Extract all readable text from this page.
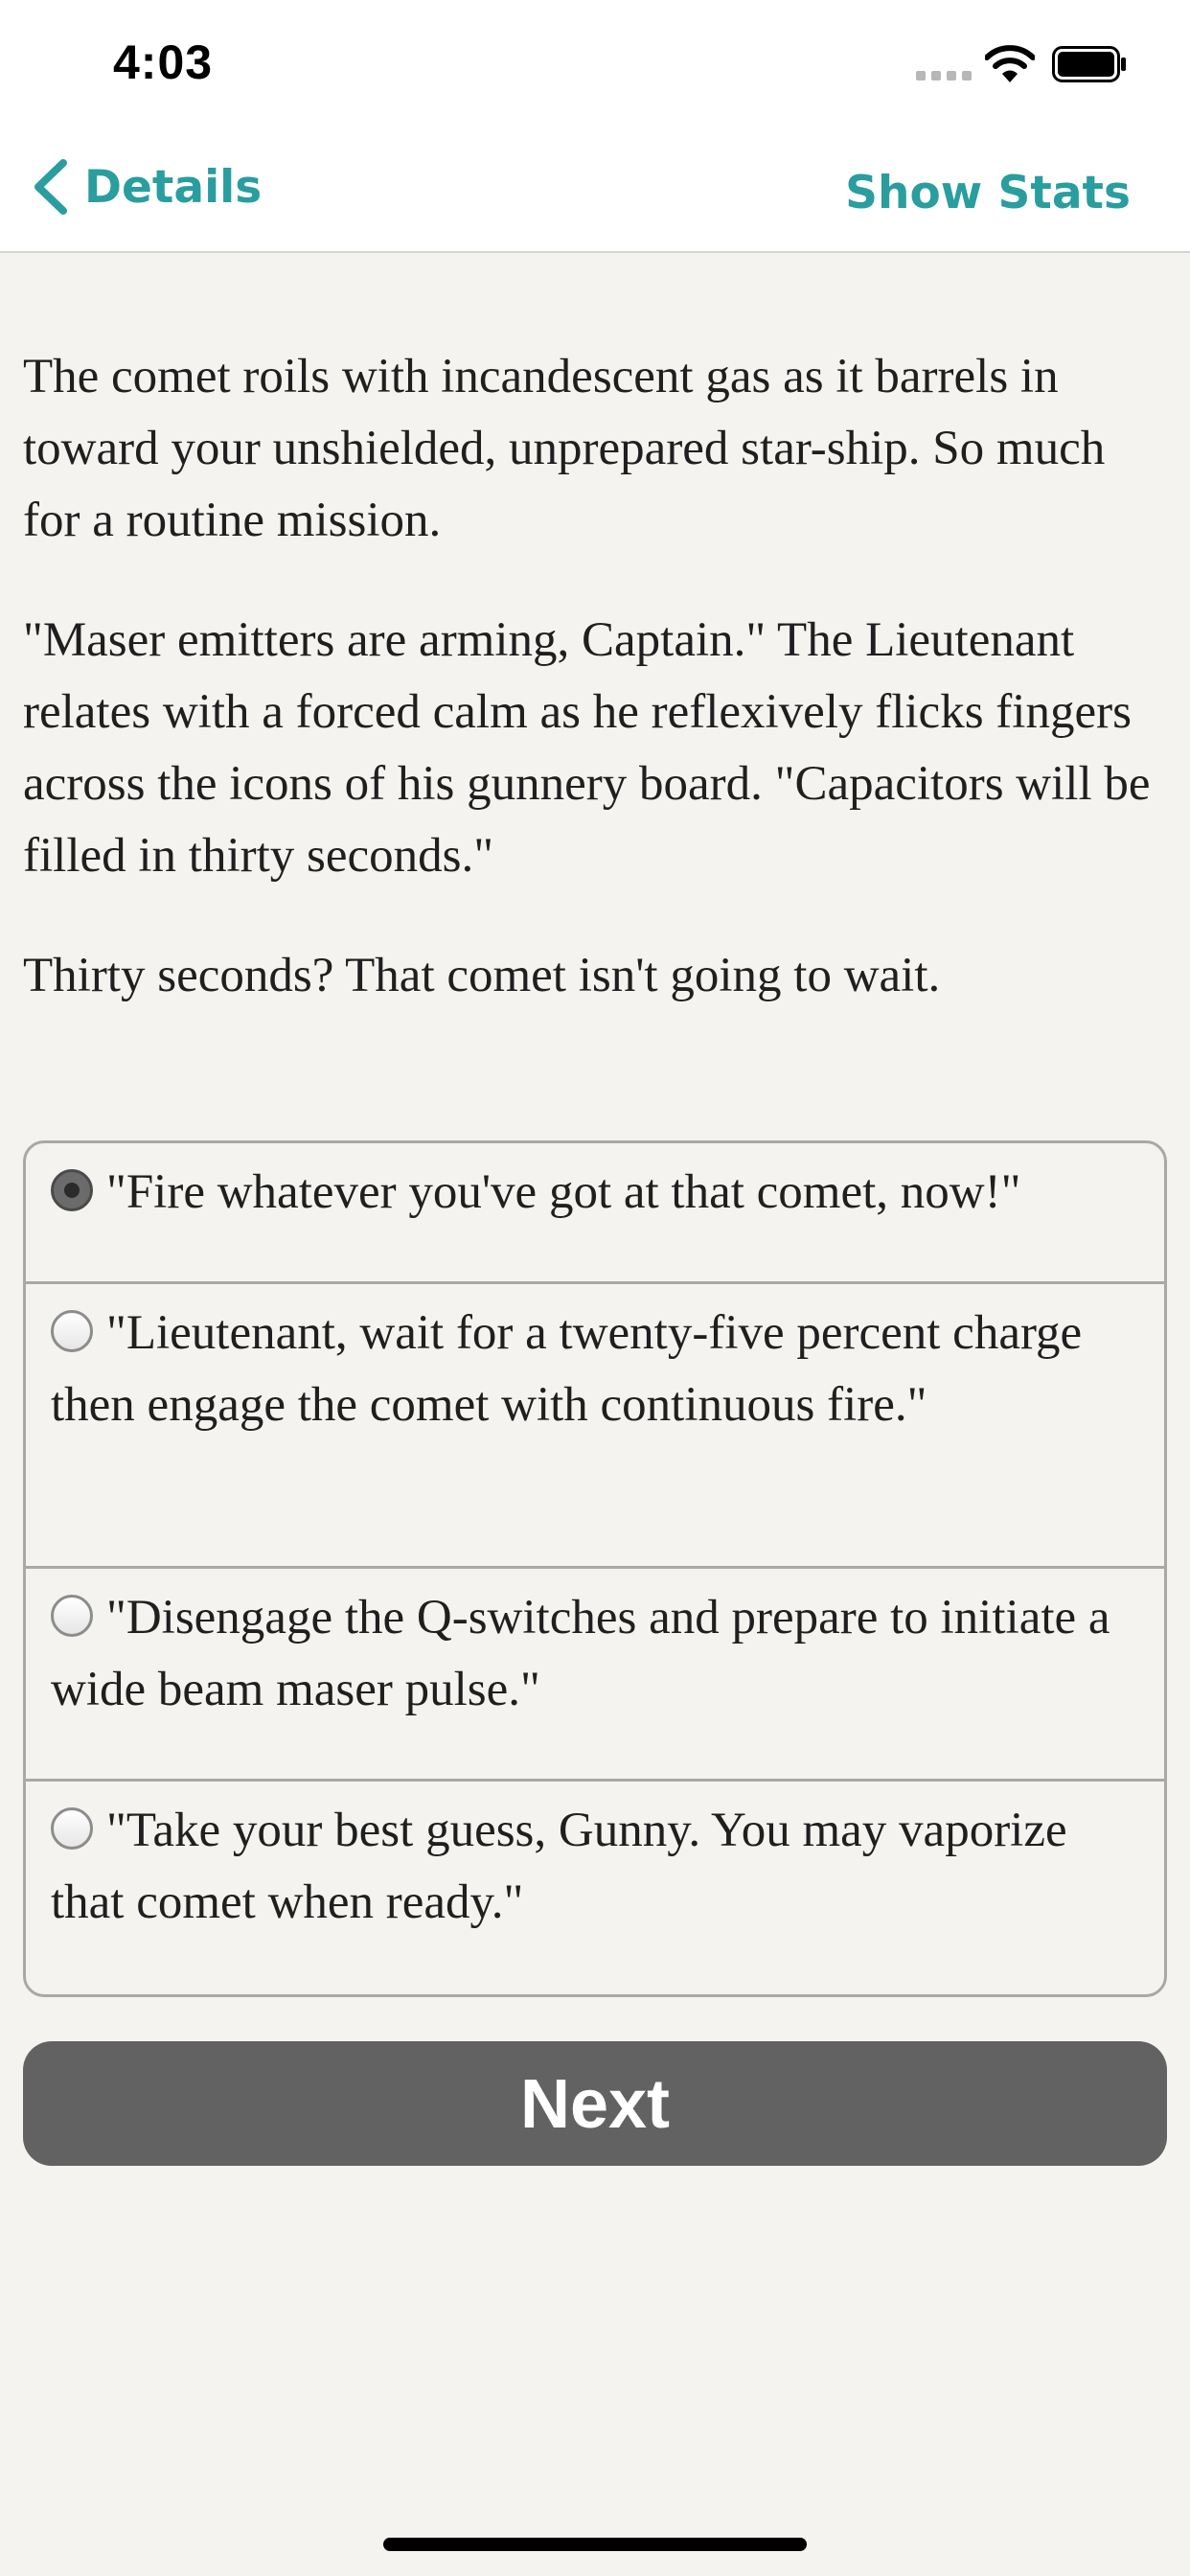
4:03
Details	Show Stats

The comet roils with incandescent gas as it barrels in toward your unshielded, unprepared star-ship. So much for a routine mission.

"Maser emitters are arming, Captain." The Lieutenant relates with a forced calm as he reflexively flicks fingers across the icons of his gunnery board. "Capacitors will be filled in thirty seconds."

Thirty seconds? That comet isn't going to wait.

"Fire whatever you've got at that comet, now!"
"Lieutenant, wait for a twenty-five percent charge then engage the comet with continuous fire."
"Disengage the Q-switches and prepare to initiate a wide beam maser pulse."
"Take your best guess, Gunny. You may vaporize that comet when ready."
Next
